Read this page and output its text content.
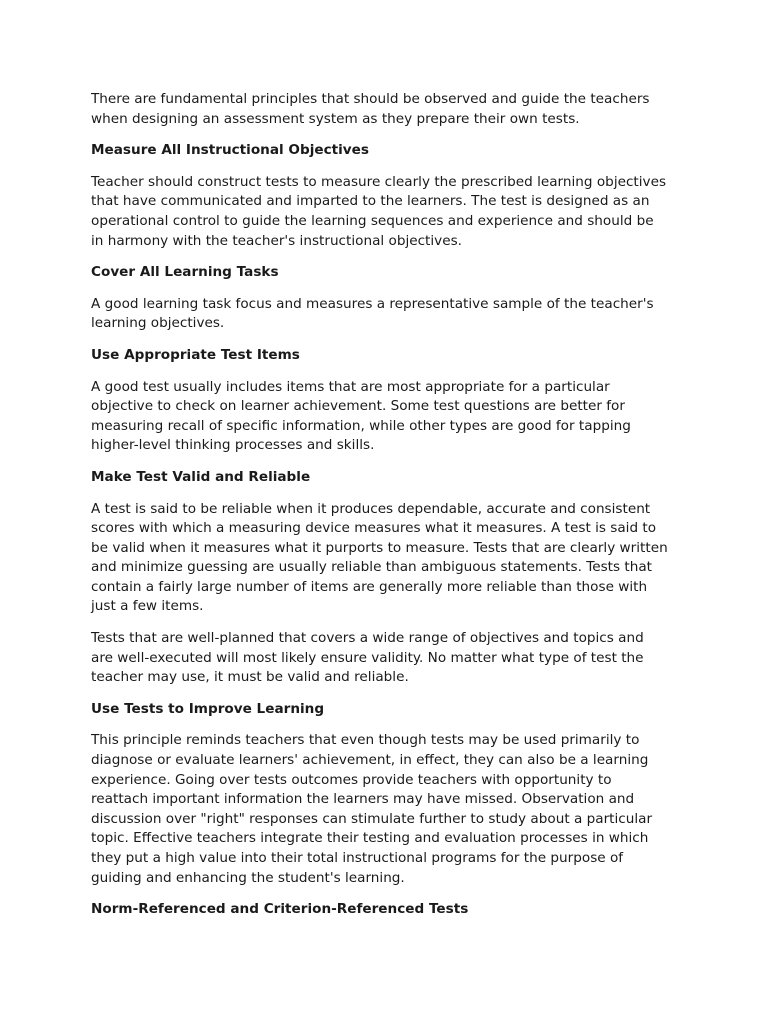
There are fundamental principles that should be observed and guide the teachers
when designing an assessment system as they prepare their own tests.

Measure All Instructional Objectives

Teacher should construct tests to measure clearly the prescribed learning objectives
that have communicated and imparted to the learners. The test is designed as an
operational control to guide the learning sequences and experience and should be
in harmony with the teacher's instructional objectives.

Cover All Learning Tasks

A good learning task focus and measures a representative sample of the teacher's
learning objectives.

Use Appropriate Test Items

A good test usually includes items that are most appropriate for a particular
objective to check on learner achievement. Some test questions are better for
measuring recall of specific information, while other types are good for tapping
higher-level thinking processes and skills.

Make Test Valid and Reliable

A test is said to be reliable when it produces dependable, accurate and consistent
scores with which a measuring device measures what it measures. A test is said to
be valid when it measures what it purports to measure. Tests that are clearly written
and minimize guessing are usually reliable than ambiguous statements. Tests that
contain a fairly large number of items are generally more reliable than those with
just a few items.

Tests that are well-planned that covers a wide range of objectives and topics and
are well-executed will most likely ensure validity. No matter what type of test the
teacher may use, it must be valid and reliable.

Use Tests to Improve Learning

This principle reminds teachers that even though tests may be used primarily to
diagnose or evaluate learners' achievement, in effect, they can also be a learning
experience. Going over tests outcomes provide teachers with opportunity to
reattach important information the learners may have missed. Observation and
discussion over "right" responses can stimulate further to study about a particular
topic. Effective teachers integrate their testing and evaluation processes in which
they put a high value into their total instructional programs for the purpose of
guiding and enhancing the student's learning.

Norm-Referenced and Criterion-Referenced Tests
